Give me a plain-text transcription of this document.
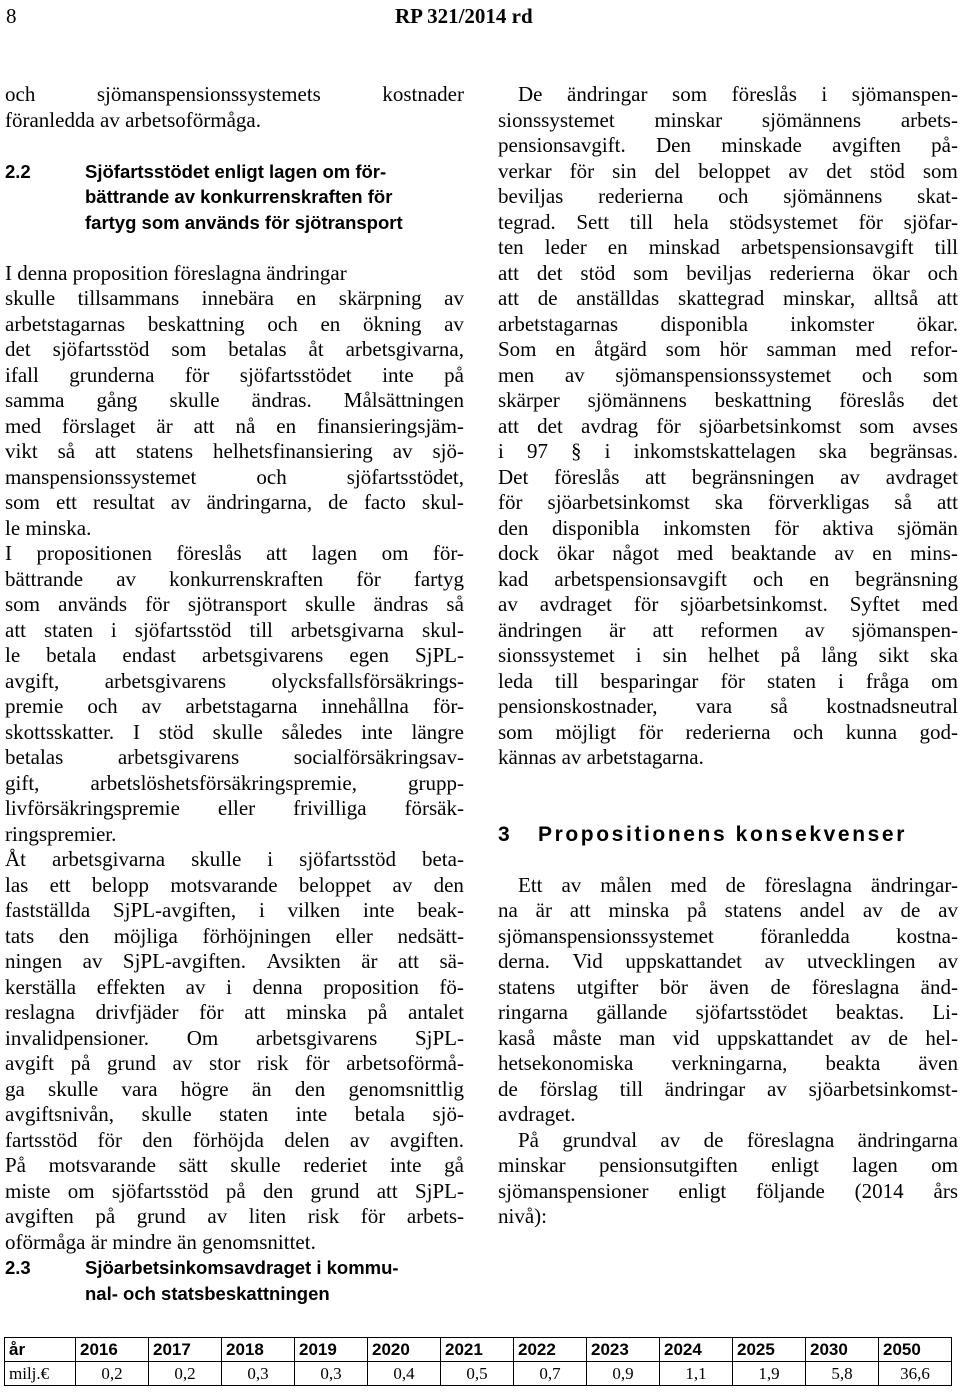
8	RP 321/2014 rd
och	sjömanspensionssystemets	kostnader
föranledda av arbetsoförmåga.
2.2	Sjöfartsstödet enligt lagen om för-
bättrande av konkurrenskraften för
fartyg som används för sjötransport
I denna proposition föreslagna ändringar
skulle tillsammans innebära en skärpning av
arbetstagarnas beskattning och en ökning av
det sjöfartsstöd som betalas åt arbetsgivarna,
ifall grunderna för sjöfartsstödet inte på
samma gång skulle ändras. Målsättningen
med förslaget är att nå en finansieringsjäm-
vikt så att statens helhetsfinansiering av sjö-
manspensionssystemet	och	sjöfartsstödet,
som ett resultat av ändringarna, de facto skul-
le minska.
I propositionen föreslås att lagen om för-
bättrande av konkurrenskraften för fartyg
som används för sjötransport skulle ändras så
att staten i sjöfartsstöd till arbetsgivarna skul-
le betala endast arbetsgivarens egen SjPL-
avgift, arbetsgivarens olycksfallsförsäkrings-
premie och av arbetstagarna innehållna för-
skottsskatter. I stöd skulle således inte längre
betalas	arbetsgivarens	socialförsäkringsav-
gift, arbetslöshetsförsäkringspremie, grupp-
livförsäkringspremie eller frivilliga försäk-
ringspremier.
Åt arbetsgivarna skulle i sjöfartsstöd beta-
las ett belopp motsvarande beloppet av den
fastställda SjPL-avgiften, i vilken inte beak-
tats den möjliga förhöjningen eller nedsätt-
ningen av SjPL-avgiften. Avsikten är att sä-
kerställa effekten av i denna proposition fö-
reslagna drivfjäder för att minska på antalet
invalidpensioner. Om arbetsgivarens SjPL-
avgift på grund av stor risk för arbetsoförmå-
ga skulle vara högre än den genomsnittlig
avgiftsnivån, skulle staten inte betala sjö-
fartsstöd för den förhöjda delen av avgiften.
På motsvarande sätt skulle rederiet inte gå
miste om sjöfartsstöd på den grund att SjPL-
avgiften på grund av liten risk för arbets-
oförmåga är mindre än genomsnittet.
2.3	Sjöarbetsinkomsavdraget i kommu-
nal- och statsbeskattningen
De ändringar som föreslås i sjömanspen-
sionssystemet minskar sjömännens arbets-
pensionsavgift. Den minskade avgiften på-
verkar för sin del beloppet av det stöd som
beviljas rederierna och sjömännens skat-
tegrad. Sett till hela stödsystemet för sjöfar-
ten leder en minskad arbetspensionsavgift till
att det stöd som beviljas rederierna ökar och
att de anställdas skattegrad minskar, alltså att
arbetstagarnas disponibla inkomster ökar.
Som en åtgärd som hör samman med refor-
men av sjömanspensionssystemet och som
skärper sjömännens beskattning föreslås det
att det avdrag för sjöarbetsinkomst som avses
i 97 § i inkomstskattelagen ska begränsas.
Det föreslås att begränsningen av avdraget
för sjöarbetsinkomst ska förverkligas så att
den disponibla inkomsten för aktiva sjömän
dock ökar något med beaktande av en mins-
kad arbetspensionsavgift och en begränsning
av avdraget för sjöarbetsinkomst. Syftet med
ändringen är att reformen av sjömanspen-
sionssystemet i sin helhet på lång sikt ska
leda till besparingar för staten i fråga om
pensionskostnader, vara så kostnadsneutral
som möjligt för rederierna och kunna god-
kännas av arbetstagarna.
3	Propositionens konsekvenser
Ett av målen med de föreslagna ändringar-
na är att minska på statens andel av de av
sjömanspensionssystemet föranledda kostna-
derna. Vid uppskattandet av utvecklingen av
statens utgifter bör även de föreslagna änd-
ringarna gällande sjöfartsstödet beaktas. Li-
kaså måste man vid uppskattandet av de hel-
hetsekonomiska verkningarna, beakta även
de förslag till ändringar av sjöarbetsinkomst-
avdraget.
På grundval av de föreslagna ändringarna
minskar pensionsutgiften enligt lagen om
sjömanspensioner enligt följande (2014 års
nivå):
år	2016	2017	2018	2019	2020	2021	2022	2023	2024	2025	2030	2050
milj.€	0,2	0,2	0,3	0,3	0,4	0,5	0,7	0,9	1,1	1,9	5,8	36,6
